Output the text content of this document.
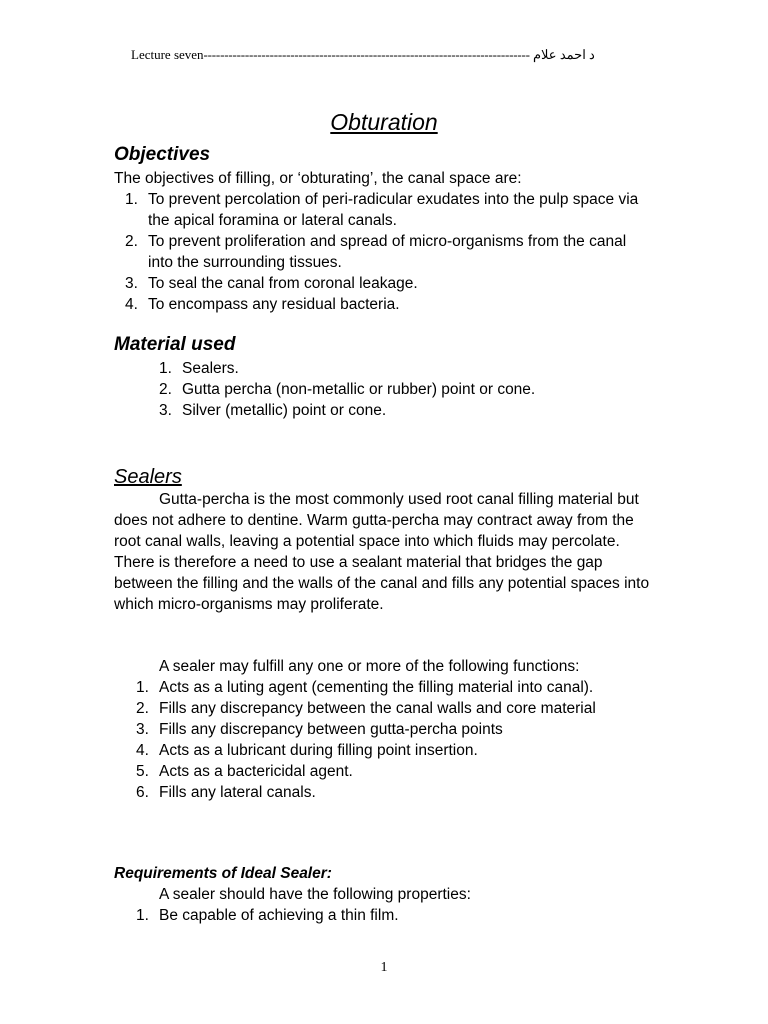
Lecture seven------------------------------------------------------------------------------- د احمد علام
Obturation
Objectives

The objectives of filling, or ‘obturating’, the canal space are:

1. To prevent percolation of peri-radicular exudates into the pulp space via the apical foramina or lateral canals.
2. To prevent proliferation and spread of micro-organisms from the canal into the surrounding tissues.
3. To seal the canal from coronal leakage.
4. To encompass any residual bacteria.
Material used
1. Sealers.
2. Gutta percha (non-metallic or rubber) point or cone.
3. Silver (metallic) point or cone.
Sealers

Gutta-percha is the most commonly used root canal filling material but does not adhere to dentine. Warm gutta-percha may contract away from the root canal walls, leaving a potential space into which fluids may percolate. There is therefore a need to use a sealant material that bridges the gap between the filling and the walls of the canal and fills any potential spaces into which micro-organisms may proliferate.

A sealer may fulfill any one or more of the following functions:

1. Acts as a luting agent (cementing the filling material into canal).
2. Fills any discrepancy between the canal walls and core material
3. Fills any discrepancy between gutta-percha points
4. Acts as a lubricant during filling point insertion.
5. Acts as a bactericidal agent.
6. Fills any lateral canals.

Requirements of Ideal Sealer:

A sealer should have the following properties:

1. Be capable of achieving a thin film.
1
